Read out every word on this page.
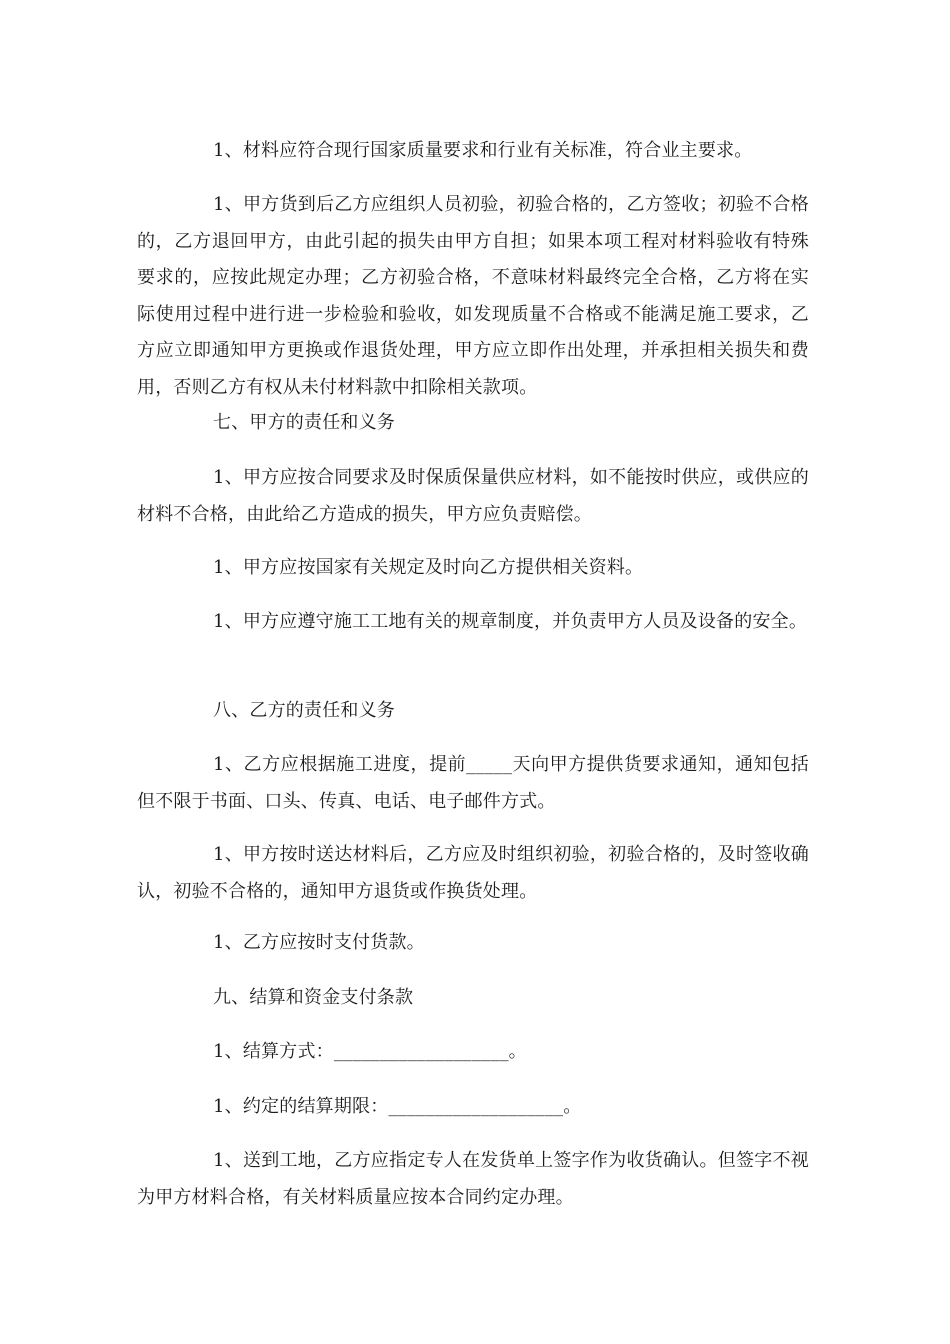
1、材料应符合现行国家质量要求和行业有关标准，符合业主要求。

1、甲方货到后乙方应组织人员初验，初验合格的，乙方签收；初验不合格的，乙方退回甲方，由此引起的损失由甲方自担；如果本项工程对材料验收有特殊要求的，应按此规定办理；乙方初验合格，不意味材料最终完全合格，乙方将在实际使用过程中进行进一步检验和验收，如发现质量不合格或不能满足施工要求，乙方应立即通知甲方更换或作退货处理，甲方应立即作出处理，并承担相关损失和费用，否则乙方有权从未付材料款中扣除相关款项。

七、甲方的责任和义务

1、甲方应按合同要求及时保质保量供应材料，如不能按时供应，或供应的材料不合格，由此给乙方造成的损失，甲方应负责赔偿。

1、甲方应按国家有关规定及时向乙方提供相关资料。

1、甲方应遵守施工工地有关的规章制度，并负责甲方人员及设备的安全。

八、乙方的责任和义务

1、乙方应根据施工进度，提前_____天向甲方提供货要求通知，通知包括但不限于书面、口头、传真、电话、电子邮件方式。

1、甲方按时送达材料后，乙方应及时组织初验，初验合格的，及时签收确认，初验不合格的，通知甲方退货或作换货处理。

1、乙方应按时支付货款。

九、结算和资金支付条款

1、结算方式：___________________。

1、约定的结算期限：___________________。

1、送到工地，乙方应指定专人在发货单上签字作为收货确认。但签字不视为甲方材料合格，有关材料质量应按本合同约定办理。
